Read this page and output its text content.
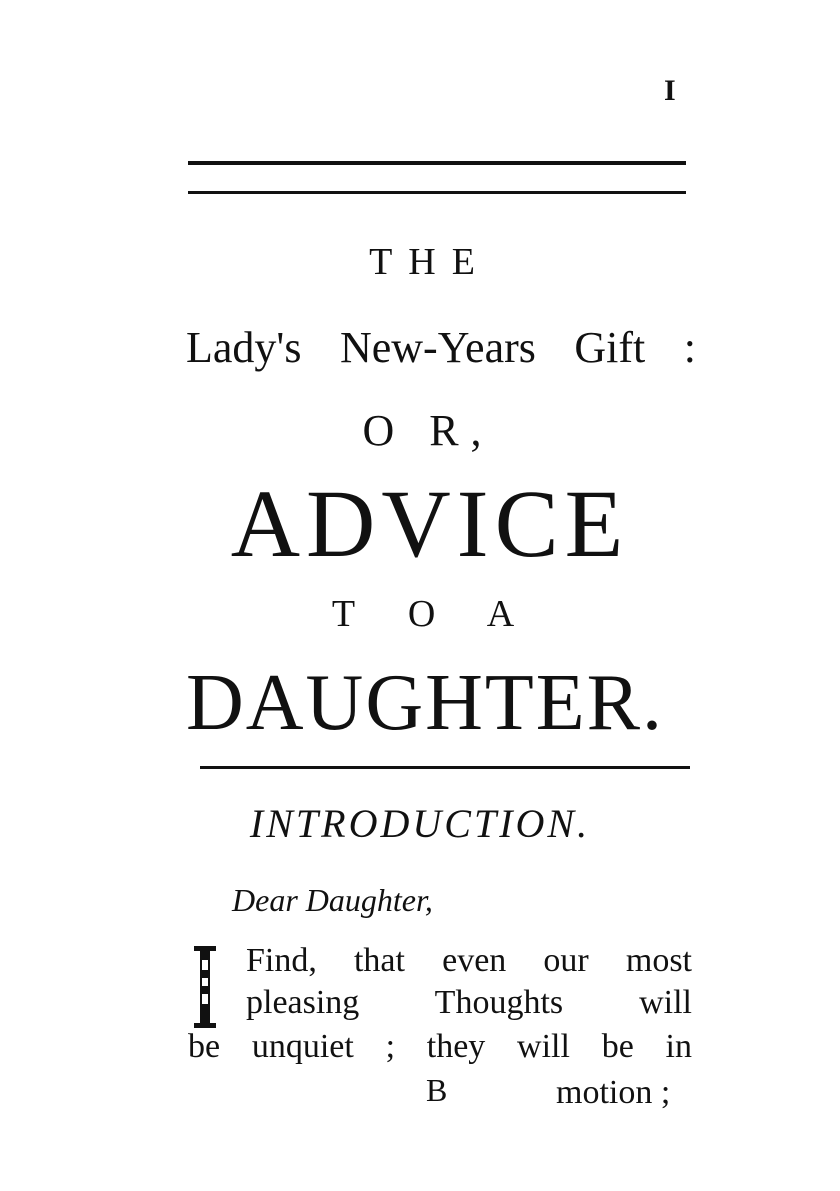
I
THE
Lady's New-Years Gift :
O R,
ADVICE
T O A
DAUGHTER.
INTRODUCTION.
Dear Daughter,
Find, that even our most
pleasing Thoughts will
be unquiet ; they will be in
B	motion ;
